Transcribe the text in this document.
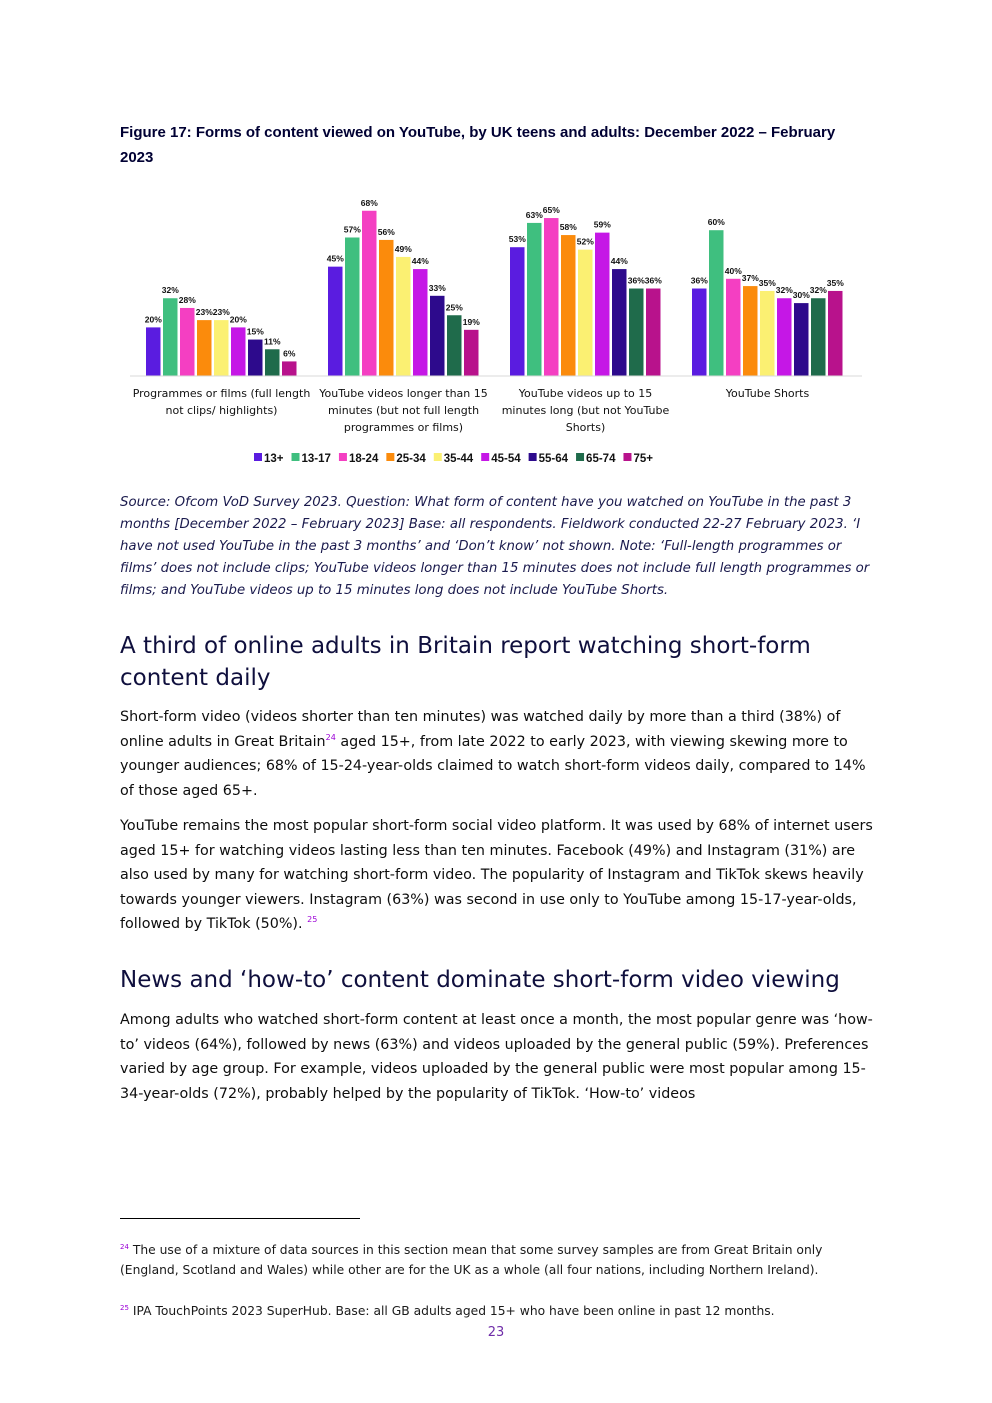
Figure 17: Forms of content viewed on YouTube, by UK teens and adults: December 2022 – February 2023
20%
32%
28%
23% 23%
20%
15%
11%
6%
45%
57%
68%
56%
49%
44%
33%
25%
19%
53%
63% 65%
58%
52%
59%
44%
36% 36%	36%
60%
40%
37% 35%
32% 30% 32%
35%
Programmes or films (full length
not clips/ highlights)
YouTube videos longer than 15
minutes (but not full length
programmes or films)
YouTube videos up to 15
minutes long (but not YouTube
Shorts)
YouTube Shorts
13+ 13-17 18-24 25-34 35-44 45-54 55-64 65-74 75+

Source: Ofcom VoD Survey 2023. Question: What form of content have you watched on YouTube in the past 3 months [December 2022 – February 2023] Base: all respondents. Fieldwork conducted 22-27 February 2023. ‘I have not used YouTube in the past 3 months’ and ‘Don’t know’ not shown. Note: ‘Full-length programmes or films’ does not include clips; YouTube videos longer than 15 minutes does not include full length programmes or films; and YouTube videos up to 15 minutes long does not include YouTube Shorts.

A third of online adults in Britain report watching short-form content daily

Short-form video (videos shorter than ten minutes) was watched daily by more than a third (38%) of online adults in Great Britain$^{24}$ aged 15+, from late 2022 to early 2023, with viewing skewing more to younger audiences; 68% of 15-24-year-olds claimed to watch short-form videos daily, compared to 14% of those aged 65+.

YouTube remains the most popular short-form social video platform. It was used by 68% of internet users aged 15+ for watching videos lasting less than ten minutes. Facebook (49%) and Instagram (31%) are also used by many for watching short-form video. The popularity of Instagram and TikTok skews heavily towards younger viewers. Instagram (63%) was second in use only to YouTube among 15-17-year-olds, followed by TikTok (50%). $^{25}$

News and ‘how-to’ content dominate short-form video viewing

Among adults who watched short-form content at least once a month, the most popular genre was ‘how-to’ videos (64%), followed by news (63%) and videos uploaded by the general public (59%). Preferences varied by age group. For example, videos uploaded by the general public were most popular among 15-34-year-olds (72%), probably helped by the popularity of TikTok. ‘How-to’ videos

$^{24}$ The use of a mixture of data sources in this section mean that some survey samples are from Great Britain only (England, Scotland and Wales) while other are for the UK as a whole (all four nations, including Northern Ireland).

$^{25}$ IPA TouchPoints 2023 SuperHub. Base: all GB adults aged 15+ who have been online in past 12 months.

23
